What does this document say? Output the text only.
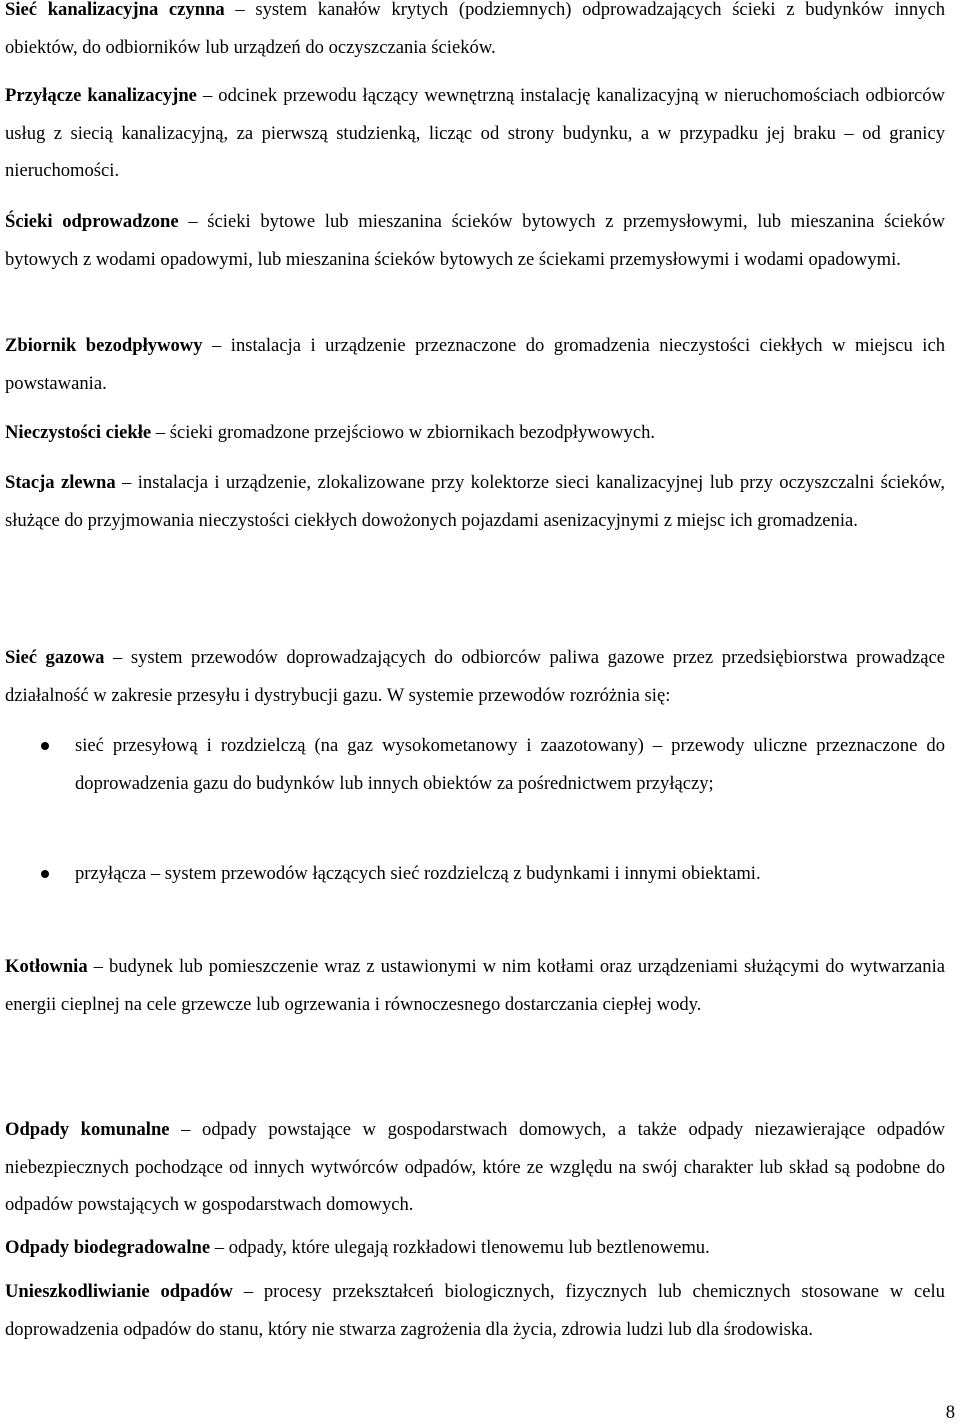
Sieć kanalizacyjna czynna – system kanałów krytych (podziemnych) odprowadzających ścieki z budynków innych obiektów, do odbiorników lub urządzeń do oczyszczania ścieków.

Przyłącze kanalizacyjne – odcinek przewodu łączący wewnętrzną instalację kanalizacyjną w nieruchomościach odbiorców usług z siecią kanalizacyjną, za pierwszą studzienką, licząc od strony budynku, a w przypadku jej braku – od granicy nieruchomości.

Ścieki odprowadzone – ścieki bytowe lub mieszanina ścieków bytowych z przemysłowymi, lub mieszanina ścieków bytowych z wodami opadowymi, lub mieszanina ścieków bytowych ze ściekami przemysłowymi i wodami opadowymi.

Zbiornik bezodpływowy – instalacja i urządzenie przeznaczone do gromadzenia nieczystości ciekłych w miejscu ich powstawania.

Nieczystości ciekłe – ścieki gromadzone przejściowo w zbiornikach bezodpływowych.

Stacja zlewna – instalacja i urządzenie, zlokalizowane przy kolektorze sieci kanalizacyjnej lub przy oczyszczalni ścieków, służące do przyjmowania nieczystości ciekłych dowożonych pojazdami asenizacyjnymi z miejsc ich gromadzenia.

Sieć gazowa – system przewodów doprowadzających do odbiorców paliwa gazowe przez przedsiębiorstwa prowadzące działalność w zakresie przesyłu i dystrybucji gazu. W systemie przewodów rozróżnia się:

sieć przesyłową i rozdzielczą (na gaz wysokometanowy i zaazotowany) – przewody uliczne przeznaczone do doprowadzenia gazu do budynków lub innych obiektów za pośrednictwem przyłączy;

przyłącza – system przewodów łączących sieć rozdzielczą z budynkami i innymi obiektami.

Kotłownia – budynek lub pomieszczenie wraz z ustawionymi w nim kotłami oraz urządzeniami służącymi do wytwarzania energii cieplnej na cele grzewcze lub ogrzewania i równoczesnego dostarczania ciepłej wody.

Odpady komunalne – odpady powstające w gospodarstwach domowych, a także odpady niezawierające odpadów niebezpiecznych pochodzące od innych wytwórców odpadów, które ze względu na swój charakter lub skład są podobne do odpadów powstających w gospodarstwach domowych.

Odpady biodegradowalne – odpady, które ulegają rozkładowi tlenowemu lub beztlenowemu.

Unieszkodliwianie odpadów – procesy przekształceń biologicznych, fizycznych lub chemicznych stosowane w celu doprowadzenia odpadów do stanu, który nie stwarza zagrożenia dla życia, zdrowia ludzi lub dla środowiska.

8
